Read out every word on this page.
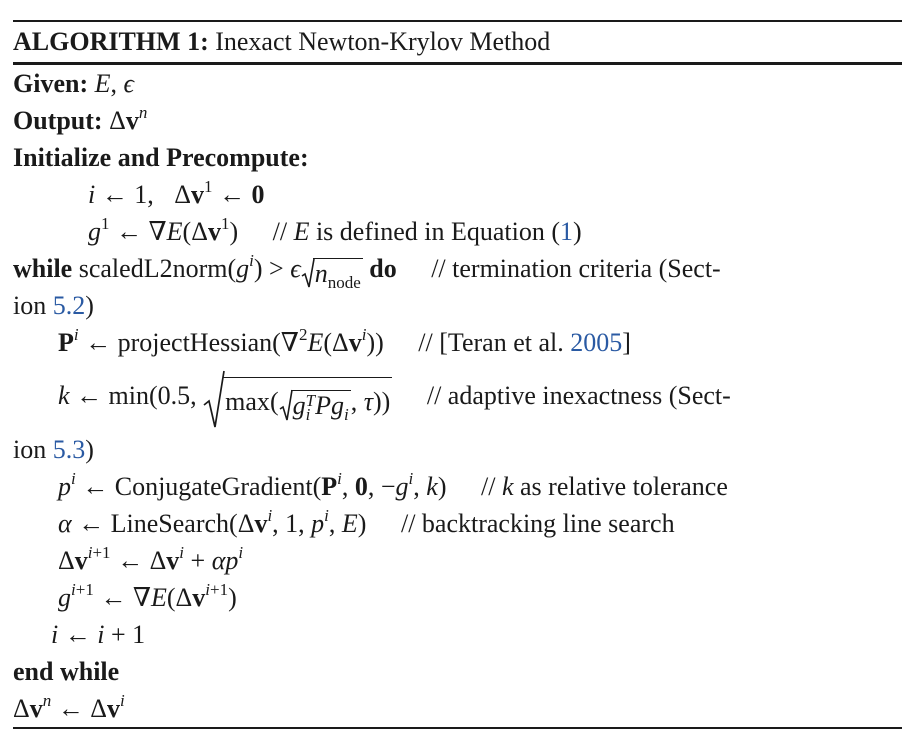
ALGORITHM 1: Inexact Newton-Krylov Method
Given: E, ϵ
Output: $\Delta v^n$
Initialize and Precompute:
i ← 1, $\Delta v^1$ ← 0
$g^1$ ← $\nabla E(\Delta v^1)$ // E is defined in Equation (1)
while $scaledL2norm(g^i) > \epsilon$ $n_{node}$ do // termination criteria (Sect-
ion 5.2)
$P^i$ ← $projectHessian(\nabla^2E(\Delta v^i))$ // [Teran et al. 2005]
k ← min(0.5, max( gT
i $Pg_i$, τ)) // adaptive inexactness (Sect-
ion 5.3)
$p^i$ ← $ConjugateGradient(P^i$, 0, $-g^i$, k) // k as relative tolerance
α ← $LineSearch(\Delta v^i$, 1, $p^i$, E) // backtracking line search
$\Delta v^{i+1}$ ← $\Delta v^i + \alpha p^i$
$g^{i+1}$ ← $\nabla E(\Delta v^{i+1})$
i ← i + 1
end while
$\Delta v^n$ ← $\Delta v^i$
